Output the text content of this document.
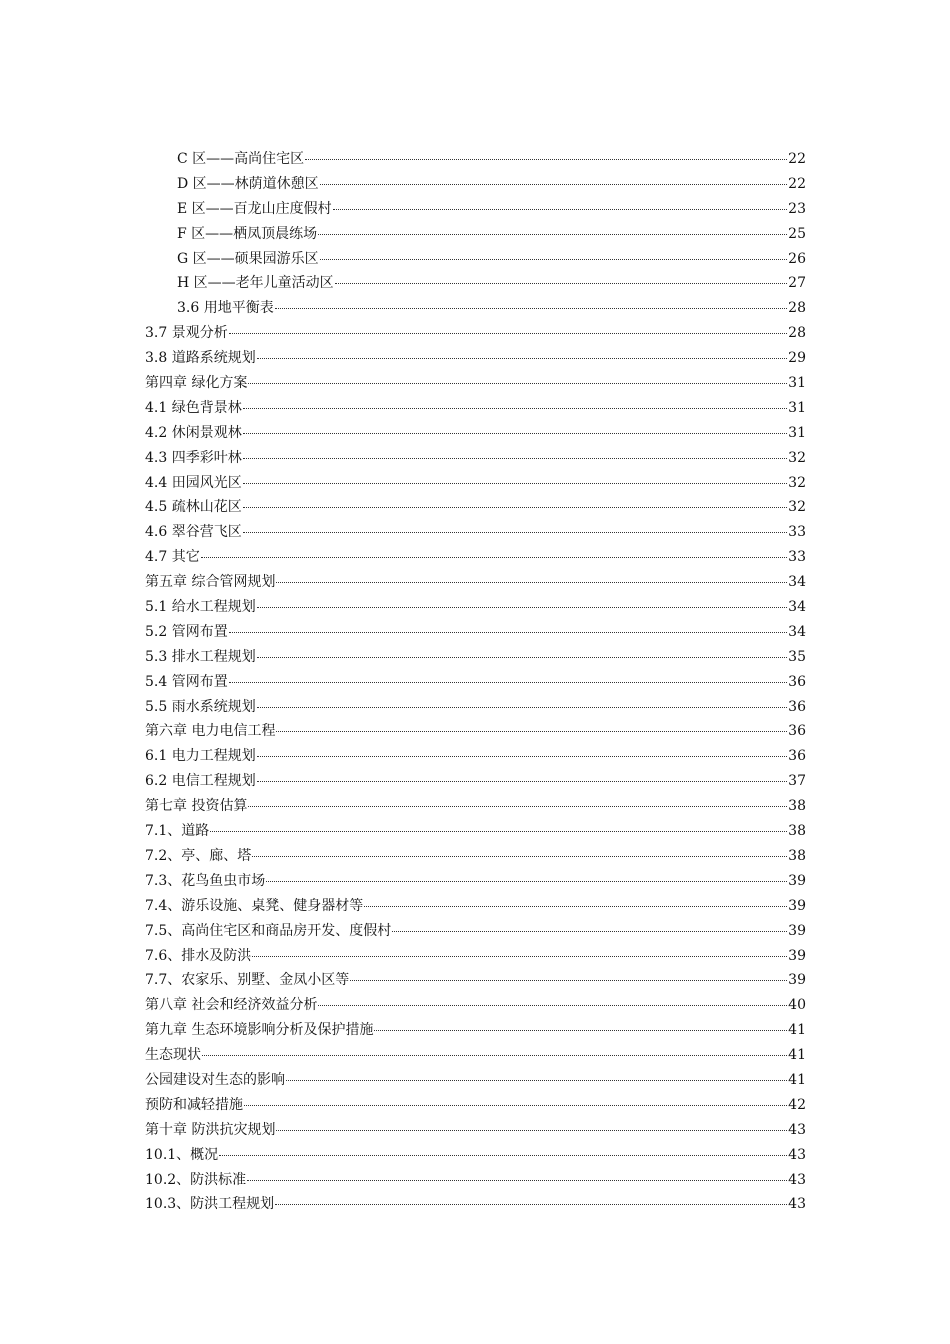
C 区——高尚住宅区	22
D 区——林荫道休憩区	22
E 区——百龙山庄度假村	23
F 区——栖凤顶晨练场	25
G 区——硕果园游乐区	26
H 区——老年儿童活动区	27
3.6 用地平衡表	28
3.7 景观分析	28
3.8 道路系统规划	29
第四章 绿化方案	31
4.1 绿色背景林	31
4.2 休闲景观林	31
4.3 四季彩叶林	32
4.4 田园风光区	32
4.5 疏林山花区	32
4.6 翠谷营飞区	33
4.7 其它	33
第五章 综合管网规划	34
5.1 给水工程规划	34
5.2 管网布置	34
5.3 排水工程规划	35
5.4 管网布置	36
5.5 雨水系统规划	36
第六章 电力电信工程	36
6.1 电力工程规划	36
6.2 电信工程规划	37
第七章 投资估算	38
7.1、道路	38
7.2、亭、廊、塔	38
7.3、花鸟鱼虫市场	39
7.4、游乐设施、桌凳、健身器材等	39
7.5、高尚住宅区和商品房开发、度假村	39
7.6、排水及防洪	39
7.7、农家乐、别墅、金凤小区等	39
第八章 社会和经济效益分析	40
第九章 生态环境影响分析及保护措施	41
生态现状	41
公园建设对生态的影响	41
预防和减轻措施	42
第十章 防洪抗灾规划	43
10.1、概况	43
10.2、防洪标准	43
10.3、防洪工程规划	43
